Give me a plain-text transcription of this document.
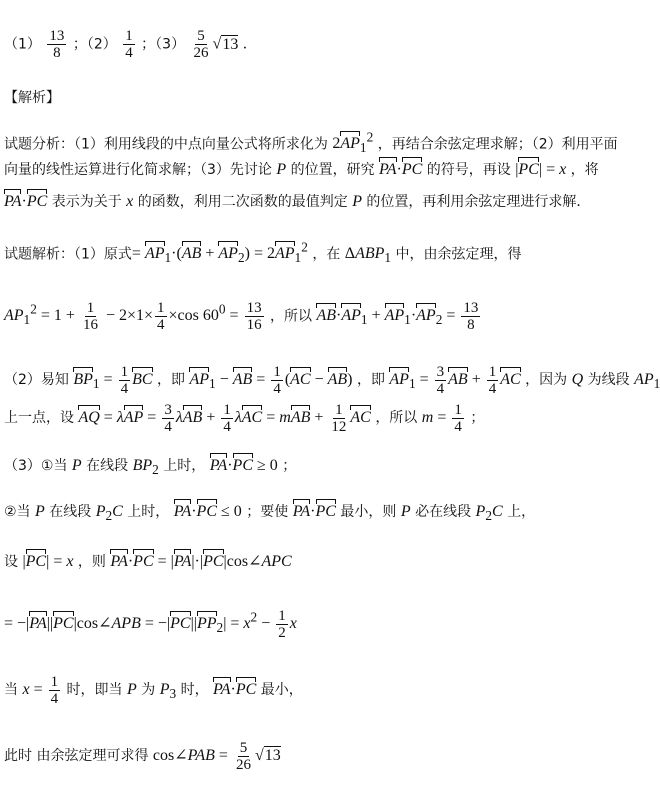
$(1) \frac{13}{8}$ ；$(2) \frac{1}{4}$ ；$(3) \frac{5}{26} √13$ ．
【解析】
试题分析：（1）利用线段的中点向量公式将所求化为 $2AP_1^2$ ，再结合余弦定理求解；（2）利用平面
向量的线性运算进行化简求解；（3）先讨论 P 的位置，研究 PA·PC 的符号，再设 |PC| = x ，将
PA·PC 表示为关于 x 的函数，利用二次函数的最值判定 P 的位置，再利用余弦定理进行求解．
试题解析：（1）原式= $AP_1\cdot(AB + AP_2) = 2AP_1^2$ ，在 $\Delta ABP_1$ 中，由余弦定理，得
$AP_1^2 = 1 + \frac{1}{16} - 2\times 1\times \frac{1}{4} \times\cos$ $60^0 = \frac{13}{16}$ ，所以 $AB\cdot AP_1 + AP_1\cdot AP_2 = \frac{13}{8}$
（2）易知 $BP_1 = \frac{1}{4}$ BC ，即 $AP_1$ − AB = $\frac{1}{4} (AC - AB)$ ，即 $AP_1 = \frac{3}{4}$ AB + $\frac{1}{4}$ AC ，因为 Q 为线段 $AP_1$
上一点，设 AQ = $\lambda AP = \frac{3}{4}$ $\lambda AB + \frac{1}{4}$ λAC = mAB + $\frac{1}{12}$ AC ，所以 $m = \frac{1}{4}$ ；
（3）①当 P 在线段 $BP_2$ 上时， PA·PC ≥ 0 ；
②当 P 在线段 $P_2C$ 上时， PA·PC ≤ 0 ；要使 PA·PC 最小，则 P 必在线段 $P_2C$ 上，
设 |PC| = x ，则 PA·PC = |PA|·|PC|cos∠APC
= −|PA||PC|cos∠APB = $-|PC||PP_2| = x^2 - \frac{1}{2}$ x
当 $x = \frac{1}{4}$ 时，即当 P 为 $P_3$ 时， PA·PC 最小，
此时 由余弦定理可求得 cos∠PAB = $\frac{5}{26} √13$
